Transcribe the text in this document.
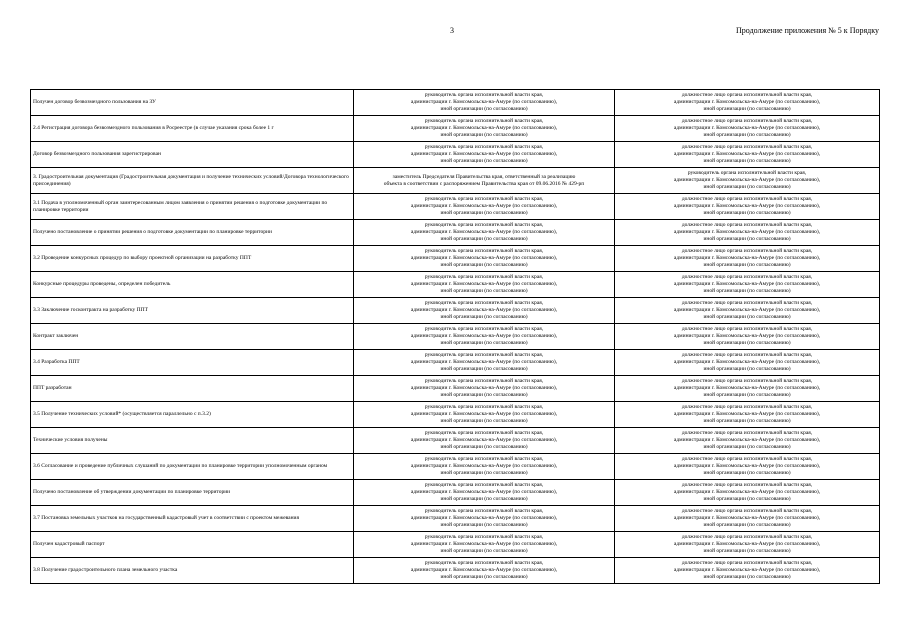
3	Продолжение приложения № 5 к Порядку
Получен договор безвозмездного пользования на ЗУ	руководитель органа исполнительной власти края,
администрации г. Комсомольска-на-Амуре (по согласованию),
иной организации (по согласованию)	должностное лицо органа исполнительной власти края,
администрации г. Комсомольска-на-Амуре (по согласованию),
иной организации (по согласованию)

2.4 Регистрация договора безвозмездного пользования в Росреестре (в случае указания срока более 1 г	руководитель органа исполнительной власти края,
администрации г. Комсомольска-на-Амуре (по согласованию),
иной организации (по согласованию)	должностное лицо органа исполнительной власти края,
администрации г. Комсомольска-на-Амуре (по согласованию),
иной организации (по согласованию)

Договор безвозмездного пользования зарегистрирован	руководитель органа исполнительной власти края,
администрации г. Комсомольска-на-Амуре (по согласованию),
иной организации (по согласованию)	должностное лицо органа исполнительной власти края,
администрации г. Комсомольска-на-Амуре (по согласованию),
иной организации (по согласованию)

3. Градостроительная документация (Градостроительная документация и получение технических условий/Договора технологического присоединения)	заместитель Председателя Правительства края, ответственный за реализацию
объекта в соответствии с распоряжением Правительства края от 09.06.2016 № 429-рп	руководитель органа исполнительной власти края,
администрации г. Комсомольска-на-Амуре (по согласованию),
иной организации (по согласованию)

3.1 Подача в уполномоченный орган заинтересованным лицом заявления о принятии решения о подготовке документации по планировке территории	руководитель органа исполнительной власти края,
администрации г. Комсомольска-на-Амуре (по согласованию),
иной организации (по согласованию)	должностное лицо органа исполнительной власти края,
администрации г. Комсомольска-на-Амуре (по согласованию),
иной организации (по согласованию)

Получено постановление о принятии решения о подготовке документации по планировке территории	руководитель органа исполнительной власти края,
администрации г. Комсомольска-на-Амуре (по согласованию),
иной организации (по согласованию)	должностное лицо органа исполнительной власти края,
администрации г. Комсомольска-на-Амуре (по согласованию),
иной организации (по согласованию)

3.2 Проведение конкурсных процедур по выбору проектной организации на разработку ППТ	руководитель органа исполнительной власти края,
администрации г. Комсомольска-на-Амуре (по согласованию),
иной организации (по согласованию)	должностное лицо органа исполнительной власти края,
администрации г. Комсомольска-на-Амуре (по согласованию),
иной организации (по согласованию)

Конкурсные процедуры проведены, определен победитель	руководитель органа исполнительной власти края,
администрации г. Комсомольска-на-Амуре (по согласованию),
иной организации (по согласованию)	должностное лицо органа исполнительной власти края,
администрации г. Комсомольска-на-Амуре (по согласованию),
иной организации (по согласованию)

3.3 Заключение госконтракта на разработку ППТ	руководитель органа исполнительной власти края,
администрации г. Комсомольска-на-Амуре (по согласованию),
иной организации (по согласованию)	должностное лицо органа исполнительной власти края,
администрации г. Комсомольска-на-Амуре (по согласованию),
иной организации (по согласованию)

Контракт заключен	руководитель органа исполнительной власти края,
администрации г. Комсомольска-на-Амуре (по согласованию),
иной организации (по согласованию)	должностное лицо органа исполнительной власти края,
администрации г. Комсомольска-на-Амуре (по согласованию),
иной организации (по согласованию)

3.4 Разработка ППТ	руководитель органа исполнительной власти края,
администрации г. Комсомольска-на-Амуре (по согласованию),
иной организации (по согласованию)	должностное лицо органа исполнительной власти края,
администрации г. Комсомольска-на-Амуре (по согласованию),
иной организации (по согласованию)

ППТ разработан	руководитель органа исполнительной власти края,
администрации г. Комсомольска-на-Амуре (по согласованию),
иной организации (по согласованию)	должностное лицо органа исполнительной власти края,
администрации г. Комсомольска-на-Амуре (по согласованию),
иной организации (по согласованию)

3.5 Получение технических условий* (осуществляется параллельно с п.3.2)	руководитель органа исполнительной власти края,
администрации г. Комсомольска-на-Амуре (по согласованию),
иной организации (по согласованию)	должностное лицо органа исполнительной власти края,
администрации г. Комсомольска-на-Амуре (по согласованию),
иной организации (по согласованию)

Технические условия получены	руководитель органа исполнительной власти края,
администрации г. Комсомольска-на-Амуре (по согласованию),
иной организации (по согласованию)	должностное лицо органа исполнительной власти края,
администрации г. Комсомольска-на-Амуре (по согласованию),
иной организации (по согласованию)

3.6 Согласование и проведение публичных слушаний по документации по планировке территории уполномоченным органом	руководитель органа исполнительной власти края,
администрации г. Комсомольска-на-Амуре (по согласованию),
иной организации (по согласованию)	должностное лицо органа исполнительной власти края,
администрации г. Комсомольска-на-Амуре (по согласованию),
иной организации (по согласованию)

Получено постановление об утверждении документации по планировке территории	руководитель органа исполнительной власти края,
администрации г. Комсомольска-на-Амуре (по согласованию),
иной организации (по согласованию)	должностное лицо органа исполнительной власти края,
администрации г. Комсомольска-на-Амуре (по согласованию),
иной организации (по согласованию)

3.7 Постановка земельных участков на государственный кадастровый учет в соответствии с проектом межевания	руководитель органа исполнительной власти края,
администрации г. Комсомольска-на-Амуре (по согласованию),
иной организации (по согласованию)	должностное лицо органа исполнительной власти края,
администрации г. Комсомольска-на-Амуре (по согласованию),
иной организации (по согласованию)

Получен кадастровый паспорт	руководитель органа исполнительной власти края,
администрации г. Комсомольска-на-Амуре (по согласованию),
иной организации (по согласованию)	должностное лицо органа исполнительной власти края,
администрации г. Комсомольска-на-Амуре (по согласованию),
иной организации (по согласованию)

3.8 Получение градостроительного плана земельного участка	руководитель органа исполнительной власти края,
администрации г. Комсомольска-на-Амуре (по согласованию),
иной организации (по согласованию)	должностное лицо органа исполнительной власти края,
администрации г. Комсомольска-на-Амуре (по согласованию),
иной организации (по согласованию)
